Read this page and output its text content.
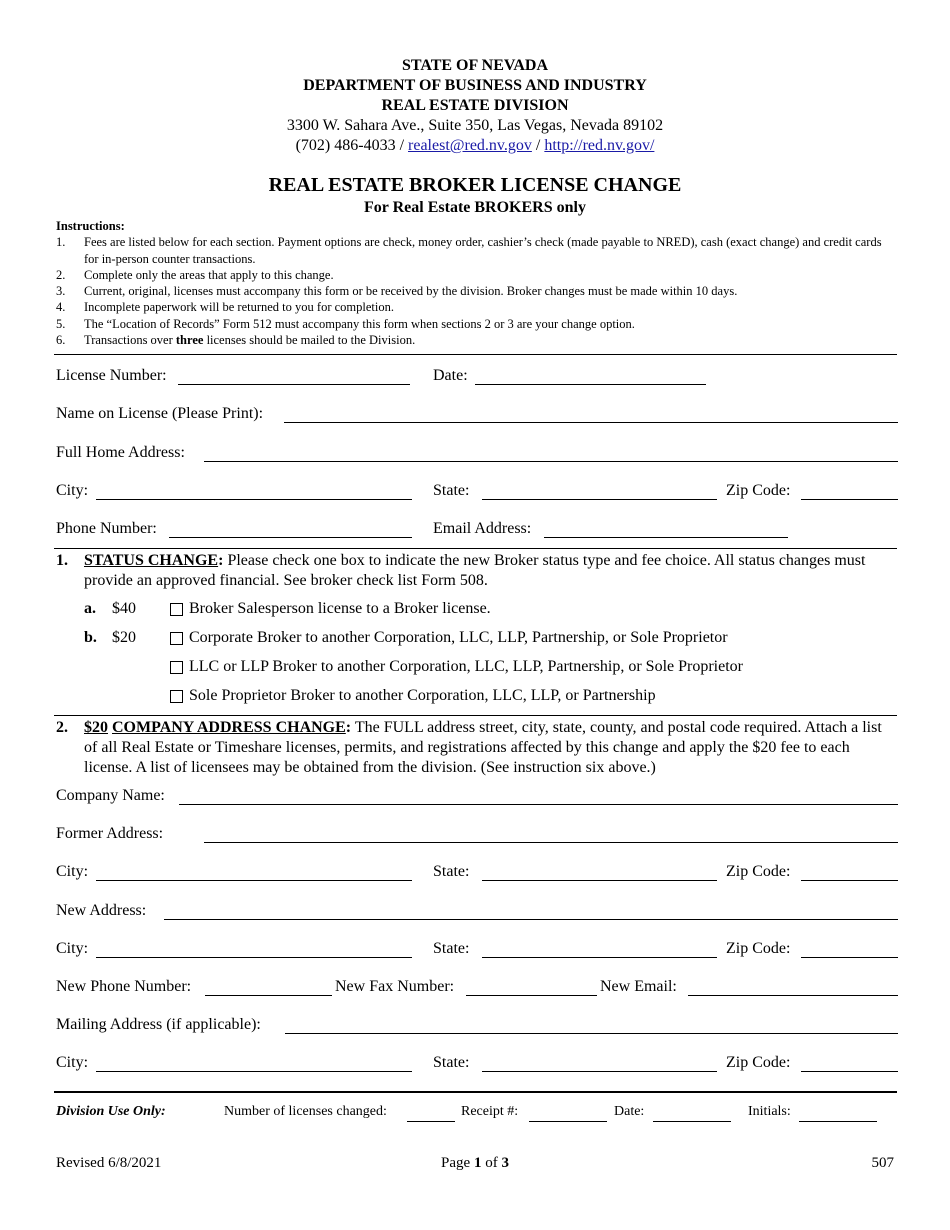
STATE OF NEVADA
DEPARTMENT OF BUSINESS AND INDUSTRY
REAL ESTATE DIVISION
3300 W. Sahara Ave., Suite 350, Las Vegas, Nevada 89102
(702) 486-4033 / realest@red.nv.gov / http://red.nv.gov/
REAL ESTATE BROKER LICENSE CHANGE
For Real Estate BROKERS only
Instructions:
1. Fees are listed below for each section. Payment options are check, money order, cashier’s check (made payable to NRED), cash (exact change) and credit cards for in-person counter transactions.
2. Complete only the areas that apply to this change.
3. Current, original, licenses must accompany this form or be received by the division. Broker changes must be made within 10 days.
4. Incomplete paperwork will be returned to you for completion.
5. The “Location of Records” Form 512 must accompany this form when sections 2 or 3 are your change option.
6. Transactions over three licenses should be mailed to the Division.
License Number:	Date:
Name on License (Please Print):
Full Home Address:
City:	State:	Zip Code:
Phone Number:	Email Address:
1. STATUS CHANGE: Please check one box to indicate the new Broker status type and fee choice. All status changes must provide an approved financial. See broker check list Form 508.
a. $40	Broker Salesperson license to a Broker license.
b. $20	Corporate Broker to another Corporation, LLC, LLP, Partnership, or Sole Proprietor
LLC or LLP Broker to another Corporation, LLC, LLP, Partnership, or Sole Proprietor
Sole Proprietor Broker to another Corporation, LLC, LLP, or Partnership
2. $20 COMPANY ADDRESS CHANGE: The FULL address street, city, state, county, and postal code required. Attach a list of all Real Estate or Timeshare licenses, permits, and registrations affected by this change and apply the $20 fee to each license. A list of licensees may be obtained from the division. (See instruction six above.)
Company Name:
Former Address:
City:	State:	Zip Code:
New Address:
City:	State:	Zip Code:
New Phone Number:	New Fax Number:	New Email:
Mailing Address (if applicable):
City:	State:	Zip Code:
Division Use Only:	Number of licenses changed:	Receipt #:	Date:	Initials:
Revised 6/8/2021	Page 1 of 3	507
